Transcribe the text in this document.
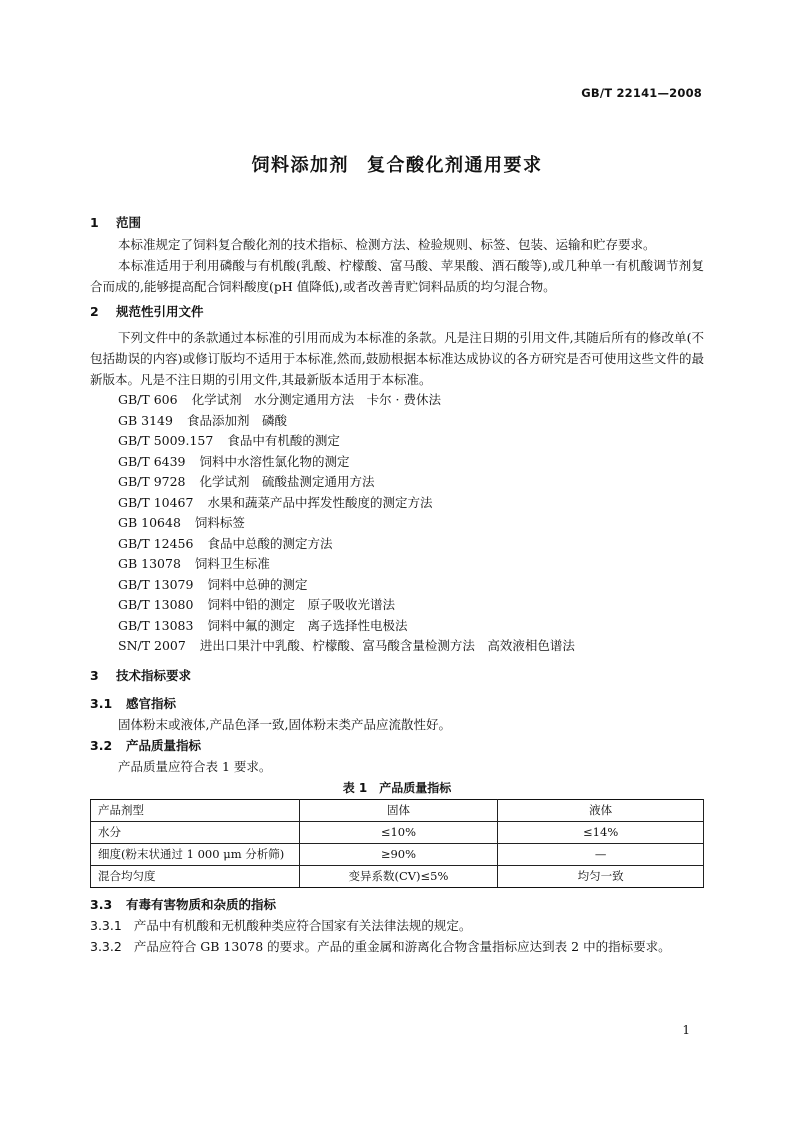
GB/T 22141—2008
饲料添加剂 复合酸化剂通用要求
1 范围

本标准规定了饲料复合酸化剂的技术指标、检测方法、检验规则、标签、包装、运输和贮存要求。

本标准适用于利用磷酸与有机酸(乳酸、柠檬酸、富马酸、苹果酸、酒石酸等),或几种单一有机酸调节剂复合而成的,能够提高配合饲料酸度(pH 值降低),或者改善青贮饲料品质的均匀混合物。

2 规范性引用文件

下列文件中的条款通过本标准的引用而成为本标准的条款。凡是注日期的引用文件,其随后所有的修改单(不包括勘误的内容)或修订版均不适用于本标准,然而,鼓励根据本标准达成协议的各方研究是否可使用这些文件的最新版本。凡是不注日期的引用文件,其最新版本适用于本标准。

GB/T 606 化学试剂　水分测定通用方法　卡尔 · 费休法
GB 3149 食品添加剂　磷酸
GB/T 5009.157 食品中有机酸的测定
GB/T 6439 饲料中水溶性氯化物的测定
GB/T 9728 化学试剂　硫酸盐测定通用方法
GB/T 10467 水果和蔬菜产品中挥发性酸度的测定方法
GB 10648 饲料标签
GB/T 12456 食品中总酸的测定方法
GB 13078 饲料卫生标准
GB/T 13079 饲料中总砷的测定
GB/T 13080 饲料中铅的测定　原子吸收光谱法
GB/T 13083 饲料中氟的测定　离子选择性电极法
SN/T 2007 进出口果汁中乳酸、柠檬酸、富马酸含量检测方法　高效液相色谱法
3 技术指标要求
3.1 感官指标

固体粉末或液体,产品色泽一致,固体粉末类产品应流散性好。

3.2 产品质量指标

产品质量应符合表 1 要求。

表 1　产品质量指标
产品剂型	固体	液体
水分	≤10%	≤14%
细度(粉末状通过 1 000 μm 分析筛)	≥90%	—
混合均匀度	变异系数(CV)≤5%	均匀一致
3.3 有毒有害物质和杂质的指标

3.3.1 产品中有机酸和无机酸种类应符合国家有关法律法规的规定。

3.3.2 产品应符合 GB 13078 的要求。产品的重金属和游离化合物含量指标应达到表 2 中的指标要求。

1
